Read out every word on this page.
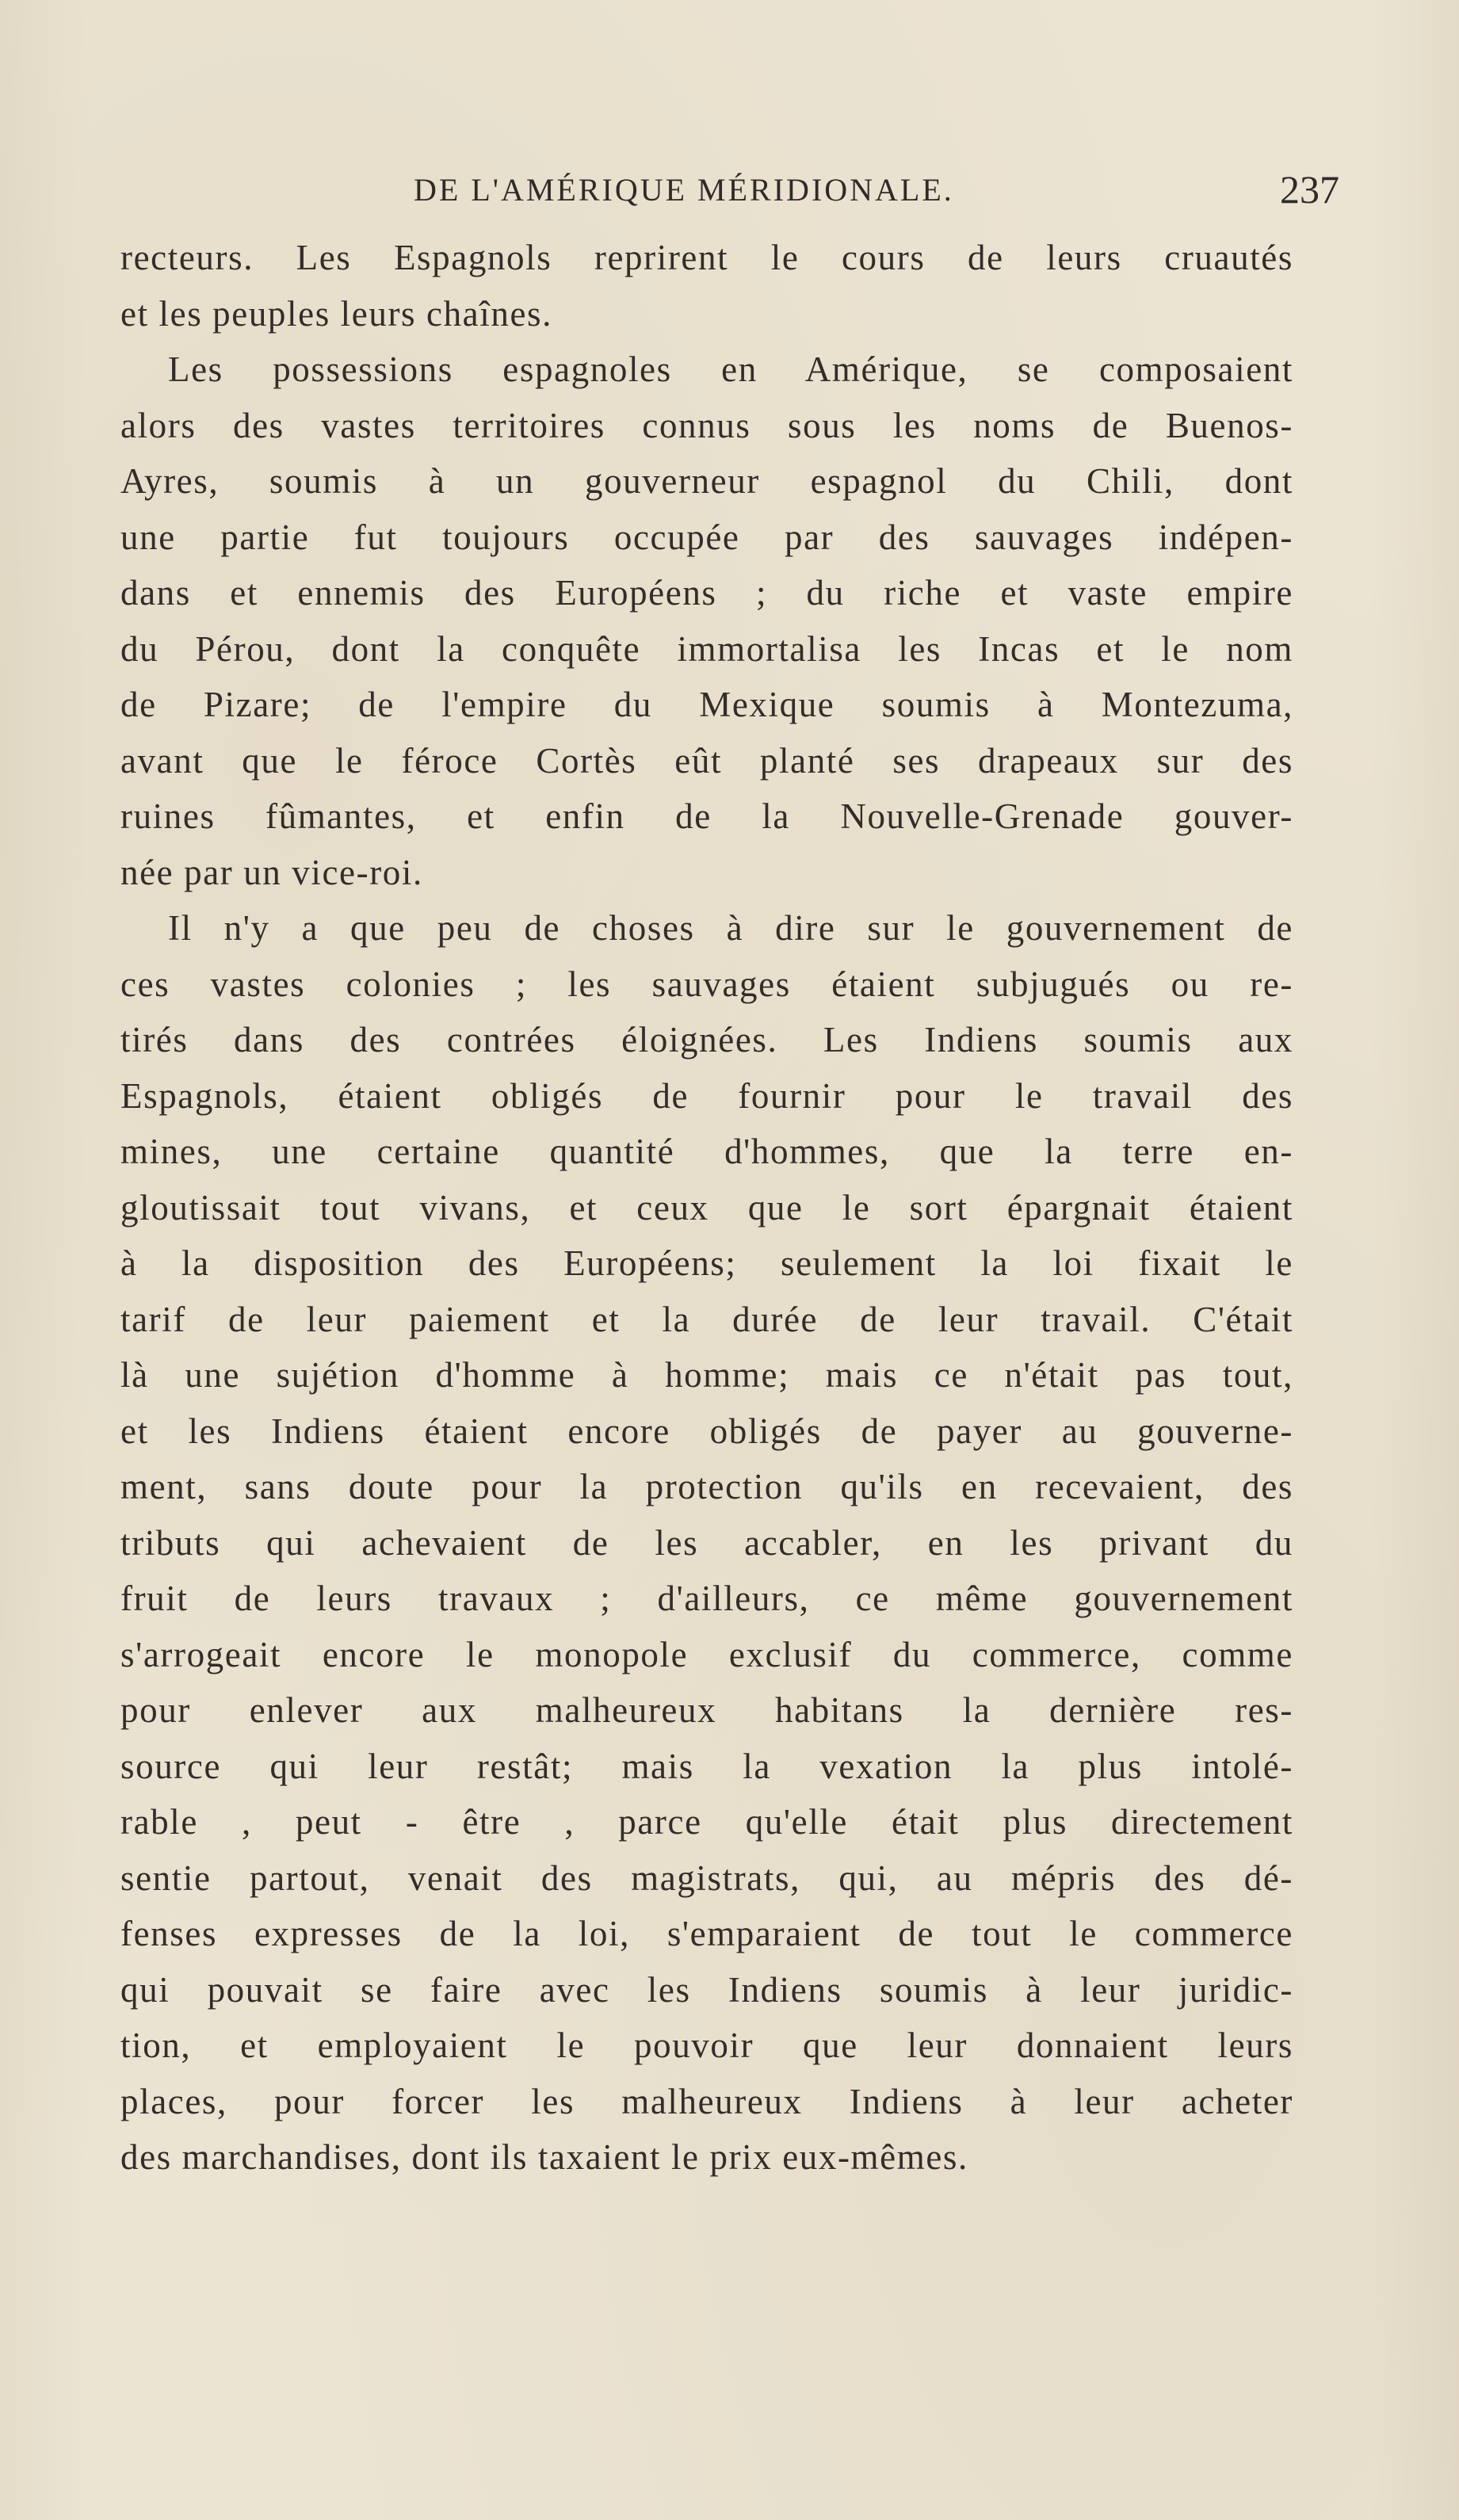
DE L'AMÉRIQUE MÉRIDIONALE.	237
recteurs. Les Espagnols reprirent le cours de leurs cruautés
et les peuples leurs chaînes.
Les possessions espagnoles en Amérique, se composaient
alors des vastes territoires connus sous les noms de Buenos-
Ayres, soumis à un gouverneur espagnol du Chili, dont
une partie fut toujours occupée par des sauvages indépen-
dans et ennemis des Européens ; du riche et vaste empire
du Pérou, dont la conquête immortalisa les Incas et le nom
de Pizare; de l'empire du Mexique soumis à Montezuma,
avant que le féroce Cortès eût planté ses drapeaux sur des
ruines fûmantes, et enfin de la Nouvelle-Grenade gouver-
née par un vice-roi.
Il n'y a que peu de choses à dire sur le gouvernement de
ces vastes colonies ; les sauvages étaient subjugués ou re-
tirés dans des contrées éloignées. Les Indiens soumis aux
Espagnols, étaient obligés de fournir pour le travail des
mines, une certaine quantité d'hommes, que la terre en-
gloutissait tout vivans, et ceux que le sort épargnait étaient
à la disposition des Européens; seulement la loi fixait le
tarif de leur paiement et la durée de leur travail. C'était
là une sujétion d'homme à homme; mais ce n'était pas tout,
et les Indiens étaient encore obligés de payer au gouverne-
ment, sans doute pour la protection qu'ils en recevaient, des
tributs qui achevaient de les accabler, en les privant du
fruit de leurs travaux ; d'ailleurs, ce même gouvernement
s'arrogeait encore le monopole exclusif du commerce, comme
pour enlever aux malheureux habitans la dernière res-
source qui leur restât; mais la vexation la plus intolé-
rable , peut - être , parce qu'elle était plus directement
sentie partout, venait des magistrats, qui, au mépris des dé-
fenses expresses de la loi, s'emparaient de tout le commerce
qui pouvait se faire avec les Indiens soumis à leur juridic-
tion, et employaient le pouvoir que leur donnaient leurs
places, pour forcer les malheureux Indiens à leur acheter
des marchandises, dont ils taxaient le prix eux-mêmes.
